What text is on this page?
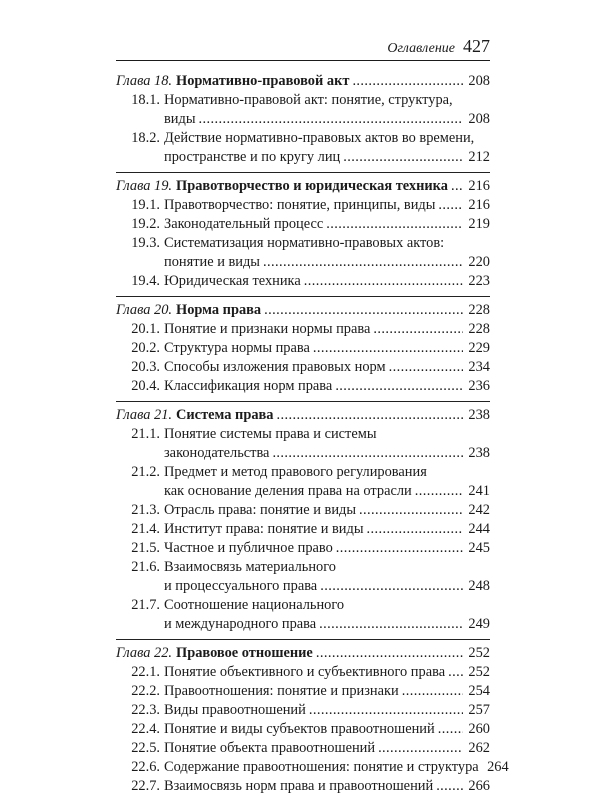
Оглавление 427
Глава 18. Нормативно-правовой акт .....	208
18.1. Нормативно-правовой акт: понятие, структура,
виды .....	208
18.2. Действие нормативно-правовых актов во времени,
пространстве и по кругу лиц .....	212
Глава 19. Правотворчество и юридическая техника ..... 216
19.1. Правотворчество: понятие, принципы, виды ..... 216
19.2. Законодательный процесс .....	219
19.3. Систематизация нормативно-правовых актов:
понятие и виды .....	220
19.4. Юридическая техника .....	223
Глава 20. Норма права .....	228
20.1. Понятие и признаки нормы права .....	228
20.2. Структура нормы права .....	229
20.3. Способы изложения правовых норм .....	234
20.4. Классификация норм права .....	236
Глава 21. Система права .....	238
21.1. Понятие системы права и системы
законодательства .....	238
21.2. Предмет и метод правового регулирования
как основание деления права на отрасли .....	241
21.3. Отрасль права: понятие и виды .....	242
21.4. Институт права: понятие и виды .....	244
21.5. Частное и публичное право .....	245
21.6. Взаимосвязь материального
и процессуального права .....	248
21.7. Соотношение национального
и международного права .....	249
Глава 22. Правовое отношение .....	252
22.1. Понятие объективного и субъективного права ..... 252
22.2. Правоотношения: понятие и признаки .....	254
22.3. Виды правоотношений .....	257
22.4. Понятие и виды субъектов правоотношений ..... 260
22.5. Понятие объекта правоотношений .....	262
22.6. Содержание правоотношения: понятие и структура 264
22.7. Взаимосвязь норм права и правоотношений ..... 266
